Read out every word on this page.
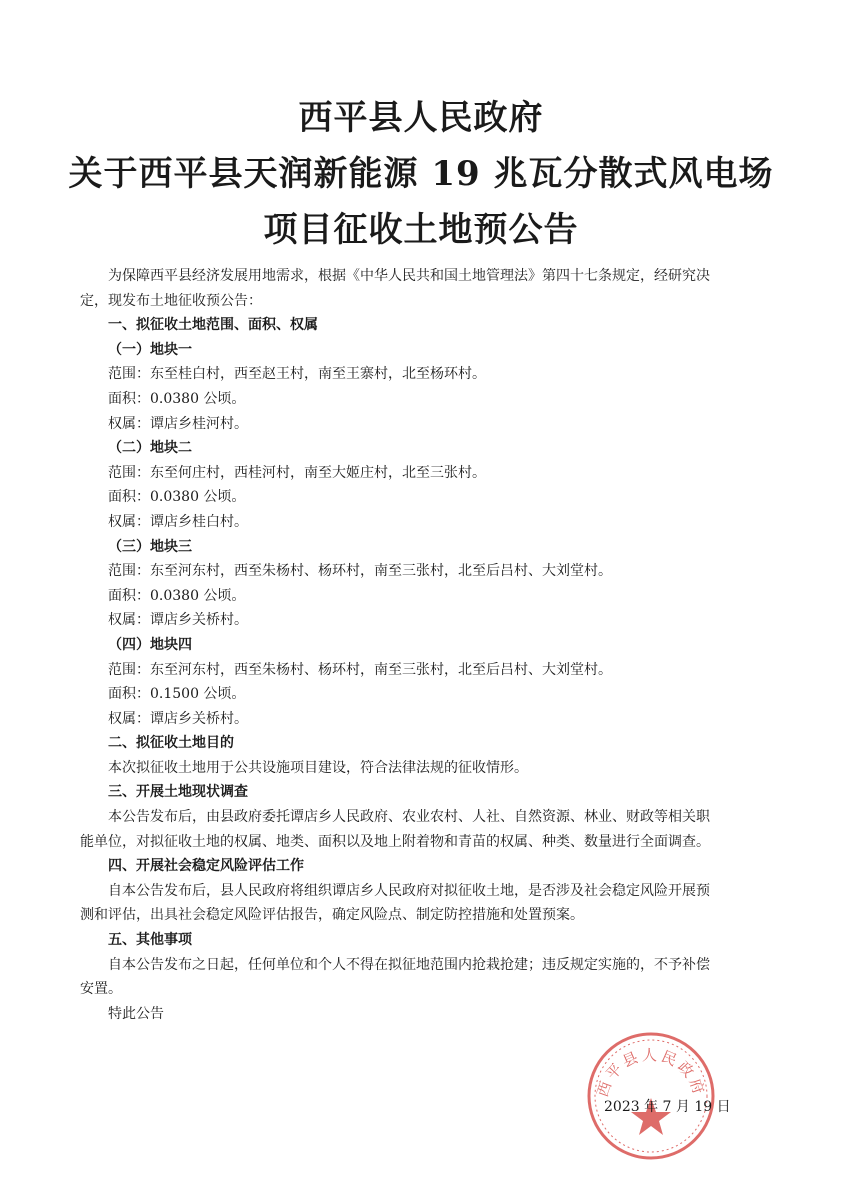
西平县人民政府
关于西平县天润新能源 19 兆瓦分散式风电场
项目征收土地预公告

为保障西平县经济发展用地需求，根据《中华人民共和国土地管理法》第四十七条规定，经研究决

定，现发布土地征收预公告：

一、拟征收土地范围、面积、权属

（一）地块一

范围：东至桂白村，西至赵王村，南至王寨村，北至杨环村。

面积：0.0380 公顷。

权属：谭店乡桂河村。

（二）地块二

范围：东至何庄村，西桂河村，南至大姬庄村，北至三张村。

面积：0.0380 公顷。

权属：谭店乡桂白村。

（三）地块三

范围：东至河东村，西至朱杨村、杨环村，南至三张村，北至后吕村、大刘堂村。

面积：0.0380 公顷。

权属：谭店乡关桥村。

（四）地块四

范围：东至河东村，西至朱杨村、杨环村，南至三张村，北至后吕村、大刘堂村。

面积：0.1500 公顷。

权属：谭店乡关桥村。

二、拟征收土地目的

本次拟征收土地用于公共设施项目建设，符合法律法规的征收情形。

三、开展土地现状调查

本公告发布后，由县政府委托谭店乡人民政府、农业农村、人社、自然资源、林业、财政等相关职

能单位，对拟征收土地的权属、地类、面积以及地上附着物和青苗的权属、种类、数量进行全面调查。

四、开展社会稳定风险评估工作

自本公告发布后，县人民政府将组织谭店乡人民政府对拟征收土地，是否涉及社会稳定风险开展预

测和评估，出具社会稳定风险评估报告，确定风险点、制定防控措施和处置预案。

五、其他事项

自本公告发布之日起，任何单位和个人不得在拟征地范围内抢栽抢建；违反规定实施的，不予补偿

安置。

特此公告

西平县人民政府
2023 年 7 月 19 日
